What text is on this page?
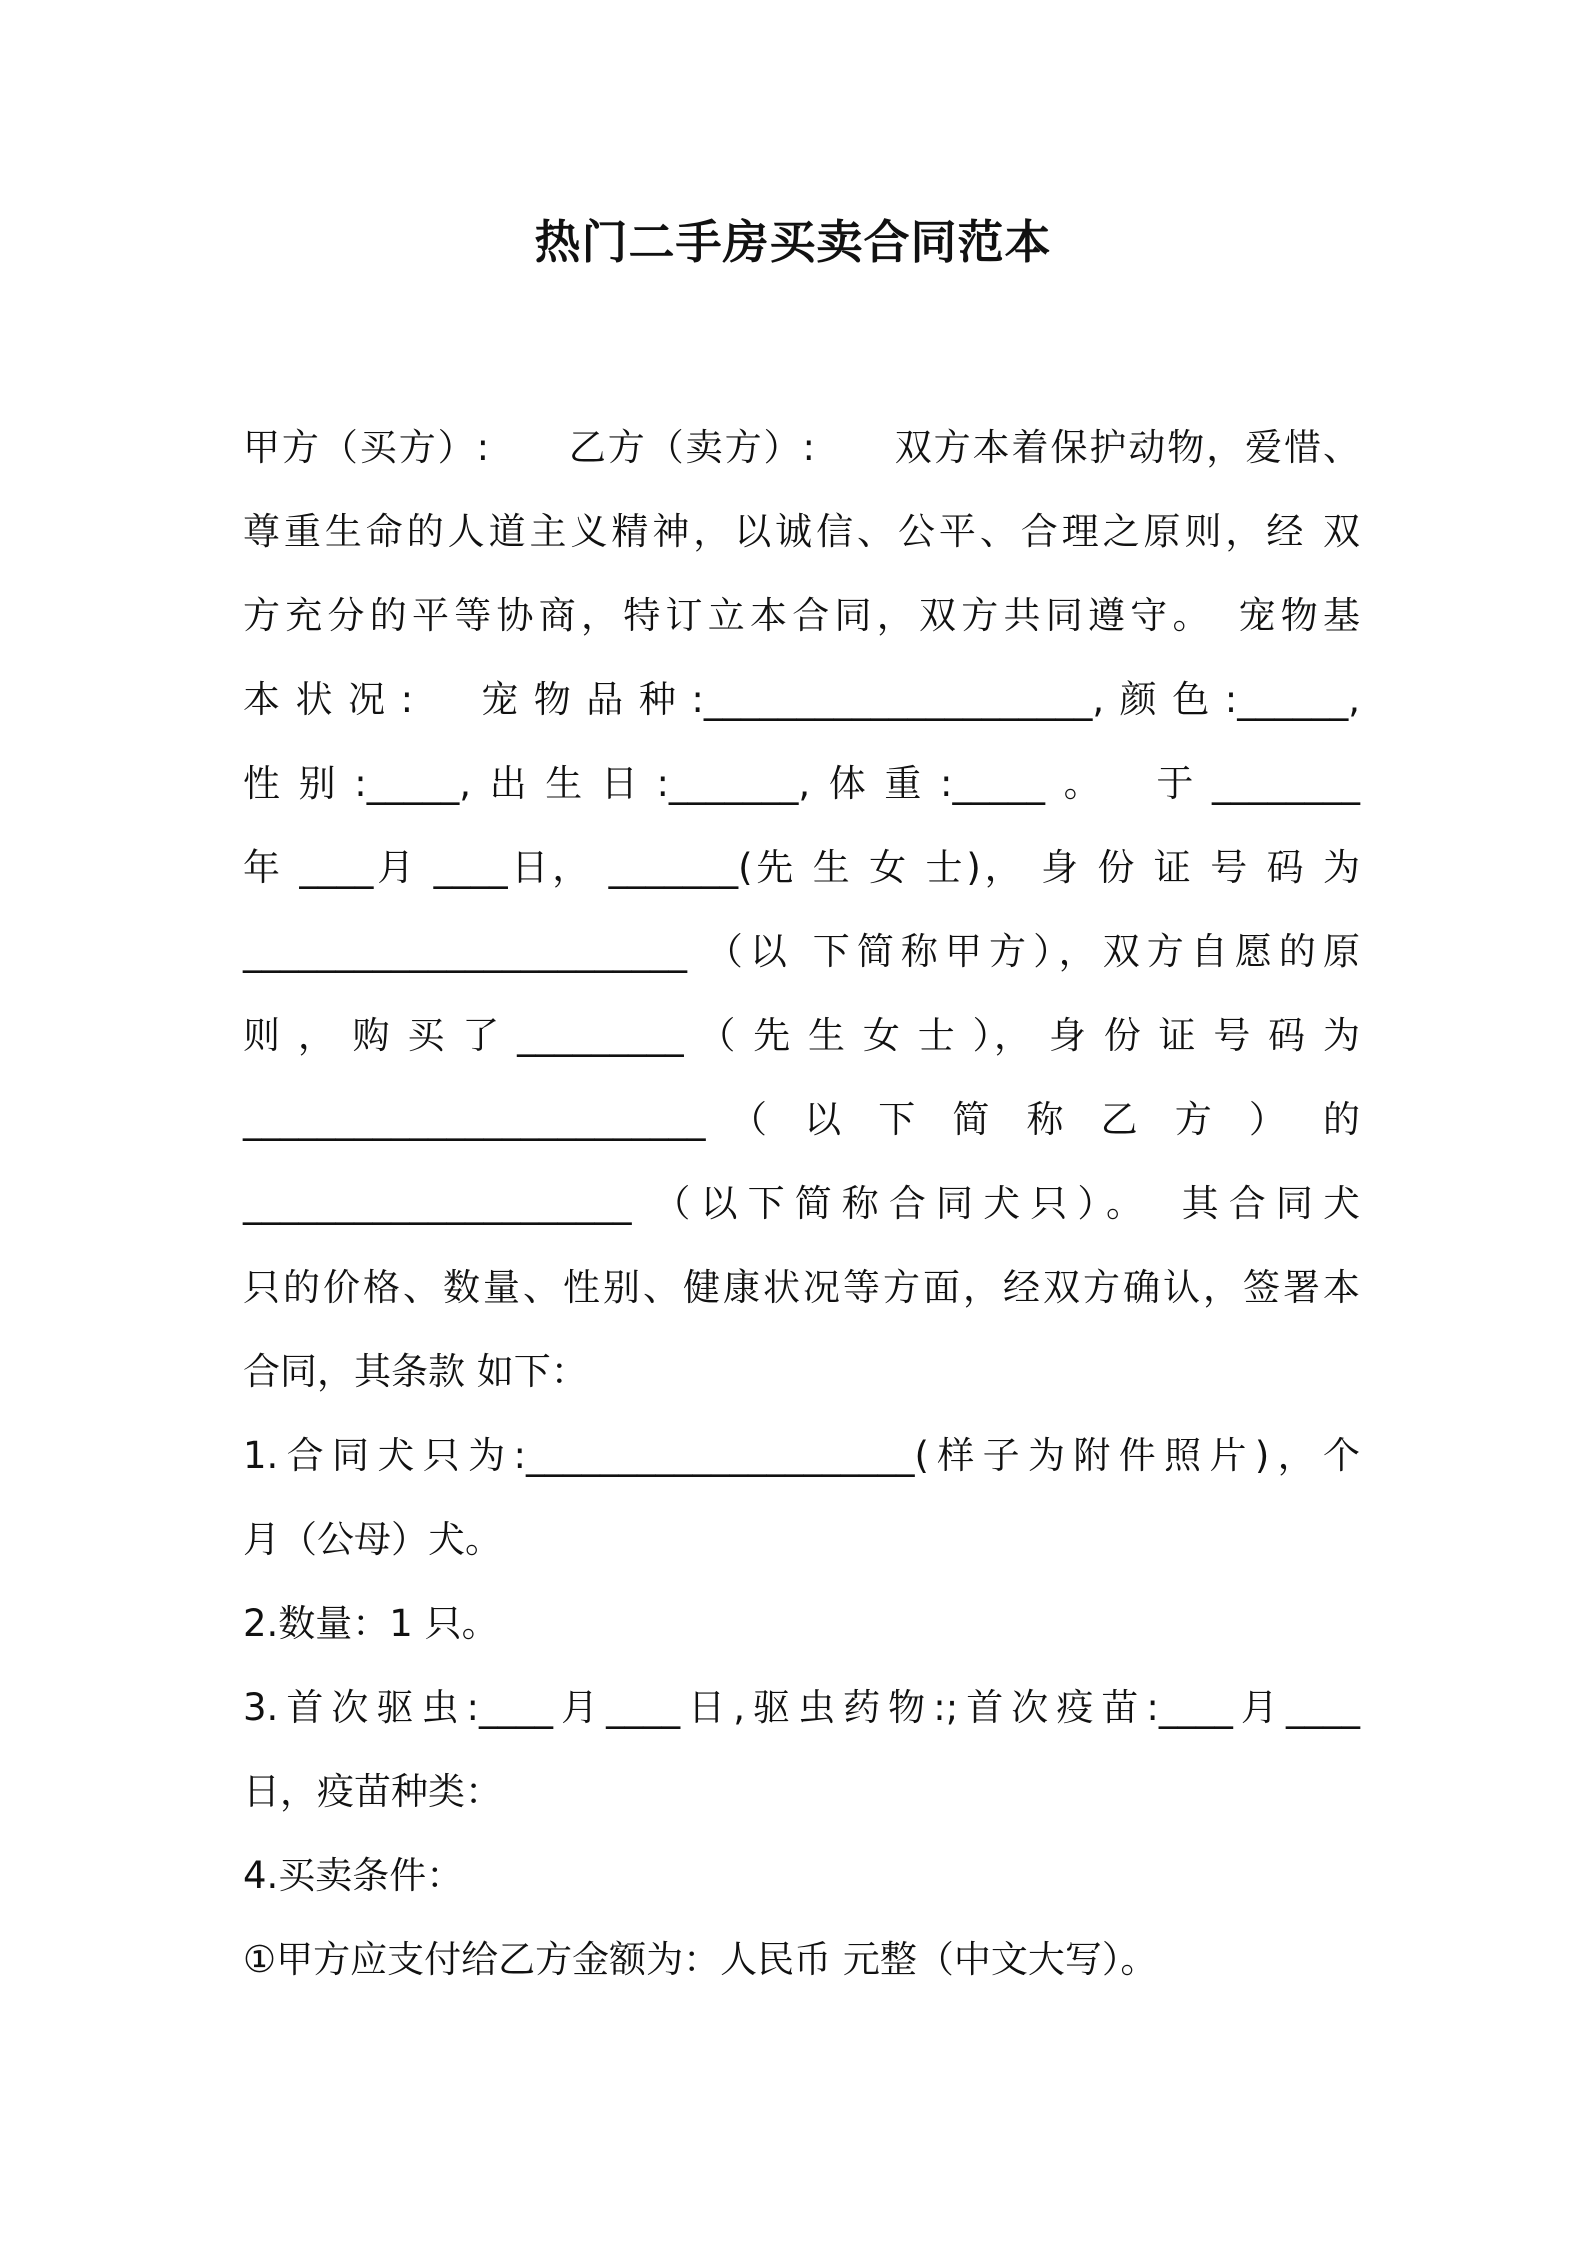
热门二手房买卖合同范本
甲方（买方）:　　乙方（卖方）:　　双方本着保护动物，爱惜、
尊重生命的人道主义精神，以诚信、公平、合理之原则，经 双
方充分的平等协商，特订立本合同，双方共同遵守。　宠物基
本状况:　宠物品种:_____________________,颜色:______,
性别:_____,出生日:_______,体重:_____。　于________
年 ____月 ____日， _______(先 生 女 士)， 身 份 证 号 码 为
________________________ （以 下简称甲方），双方自愿的原
则 ， 购 买 了 _________ （ 先 生 女 士 ）， 身 份 证 号 码 为
_________________________ （ 以 下 简 称 乙 方 ） 的
_____________________ （以下简称合同犬只）。　其合同犬
只的价格、数量、性别、健康状况等方面，经双方确认，签署本
合同，其条款 如下：
1.合同犬只为:_____________________(样子为附件照片)，个
月（公母）犬。
2.数量：1 只。
3.首次驱虫:____月____日,驱虫药物:;首次疫苗:____月____
日，疫苗种类：
4.买卖条件：
①甲方应支付给乙方金额为：人民币 元整（中文大写）。
